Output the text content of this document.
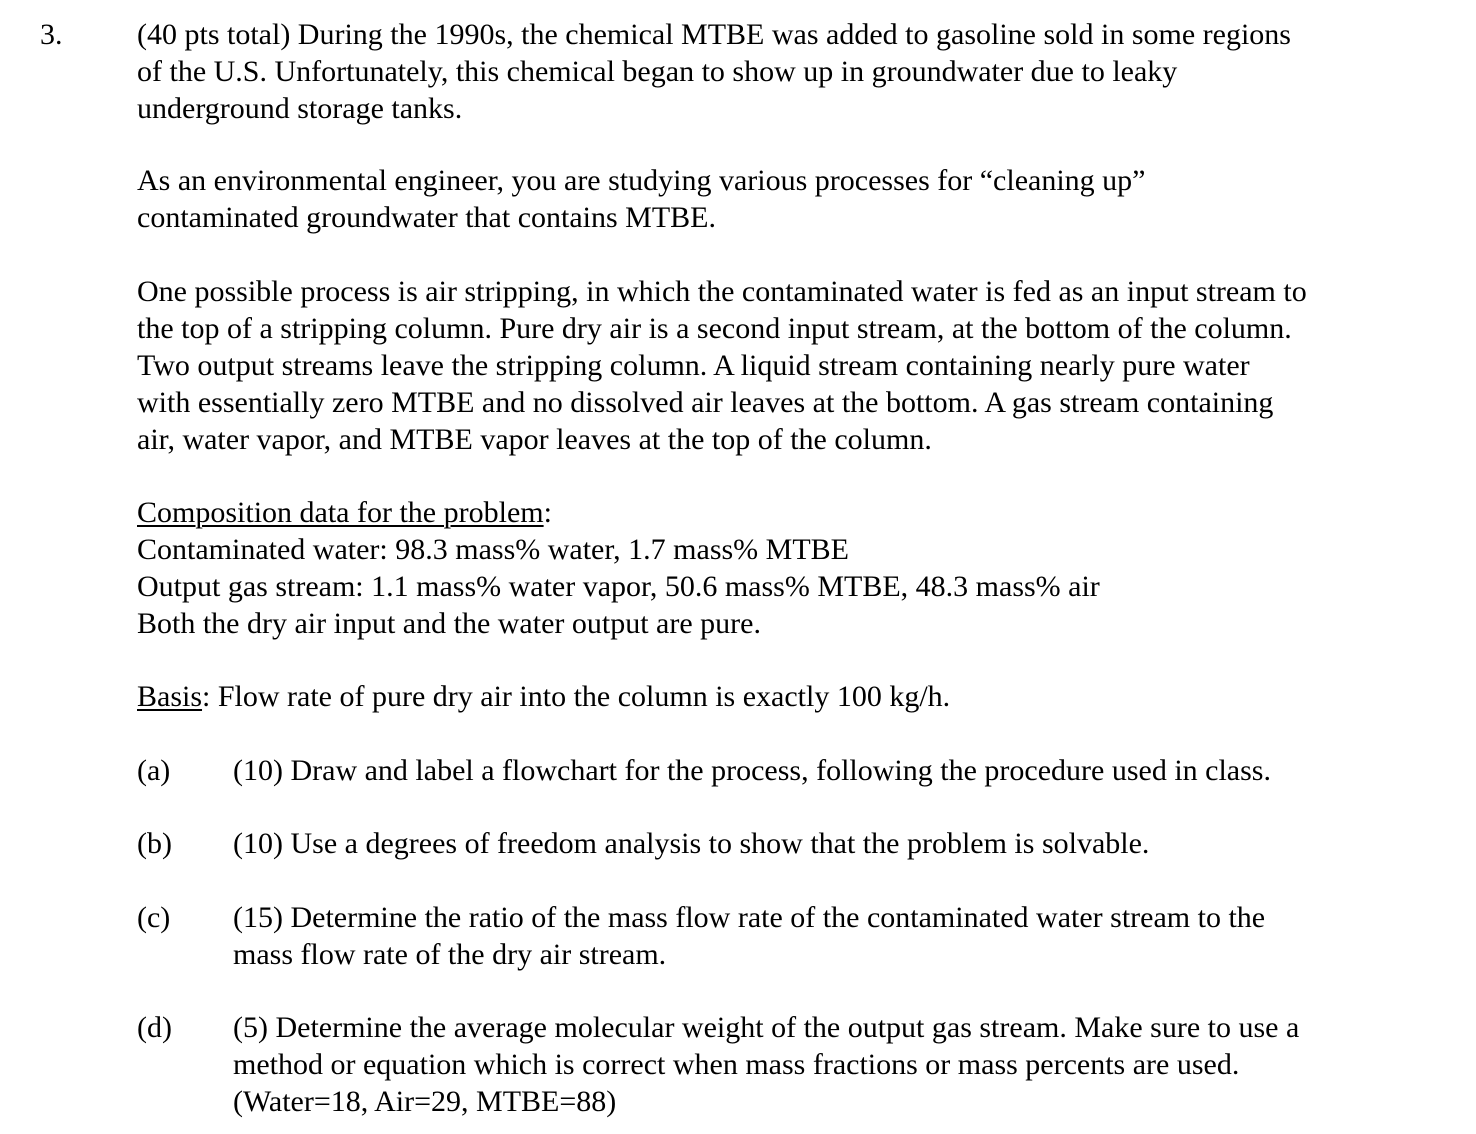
3. (40 pts total) During the 1990s, the chemical MTBE was added to gasoline sold in some regions
of the U.S. Unfortunately, this chemical began to show up in groundwater due to leaky
underground storage tanks.
As an environmental engineer, you are studying various processes for “cleaning up”
contaminated groundwater that contains MTBE.
One possible process is air stripping, in which the contaminated water is fed as an input stream to
the top of a stripping column. Pure dry air is a second input stream, at the bottom of the column.
Two output streams leave the stripping column. A liquid stream containing nearly pure water
with essentially zero MTBE and no dissolved air leaves at the bottom. A gas stream containing
air, water vapor, and MTBE vapor leaves at the top of the column.
Composition data for the problem:
Contaminated water: 98.3 mass% water, 1.7 mass% MTBE
Output gas stream: 1.1 mass% water vapor, 50.6 mass% MTBE, 48.3 mass% air
Both the dry air input and the water output are pure.
Basis: Flow rate of pure dry air into the column is exactly 100 kg/h.
(a) (10) Draw and label a flowchart for the process, following the procedure used in class.
(b) (10) Use a degrees of freedom analysis to show that the problem is solvable.
(c) (15) Determine the ratio of the mass flow rate of the contaminated water stream to the
mass flow rate of the dry air stream.
(d) (5) Determine the average molecular weight of the output gas stream. Make sure to use a
method or equation which is correct when mass fractions or mass percents are used.
(Water=18, Air=29, MTBE=88)
